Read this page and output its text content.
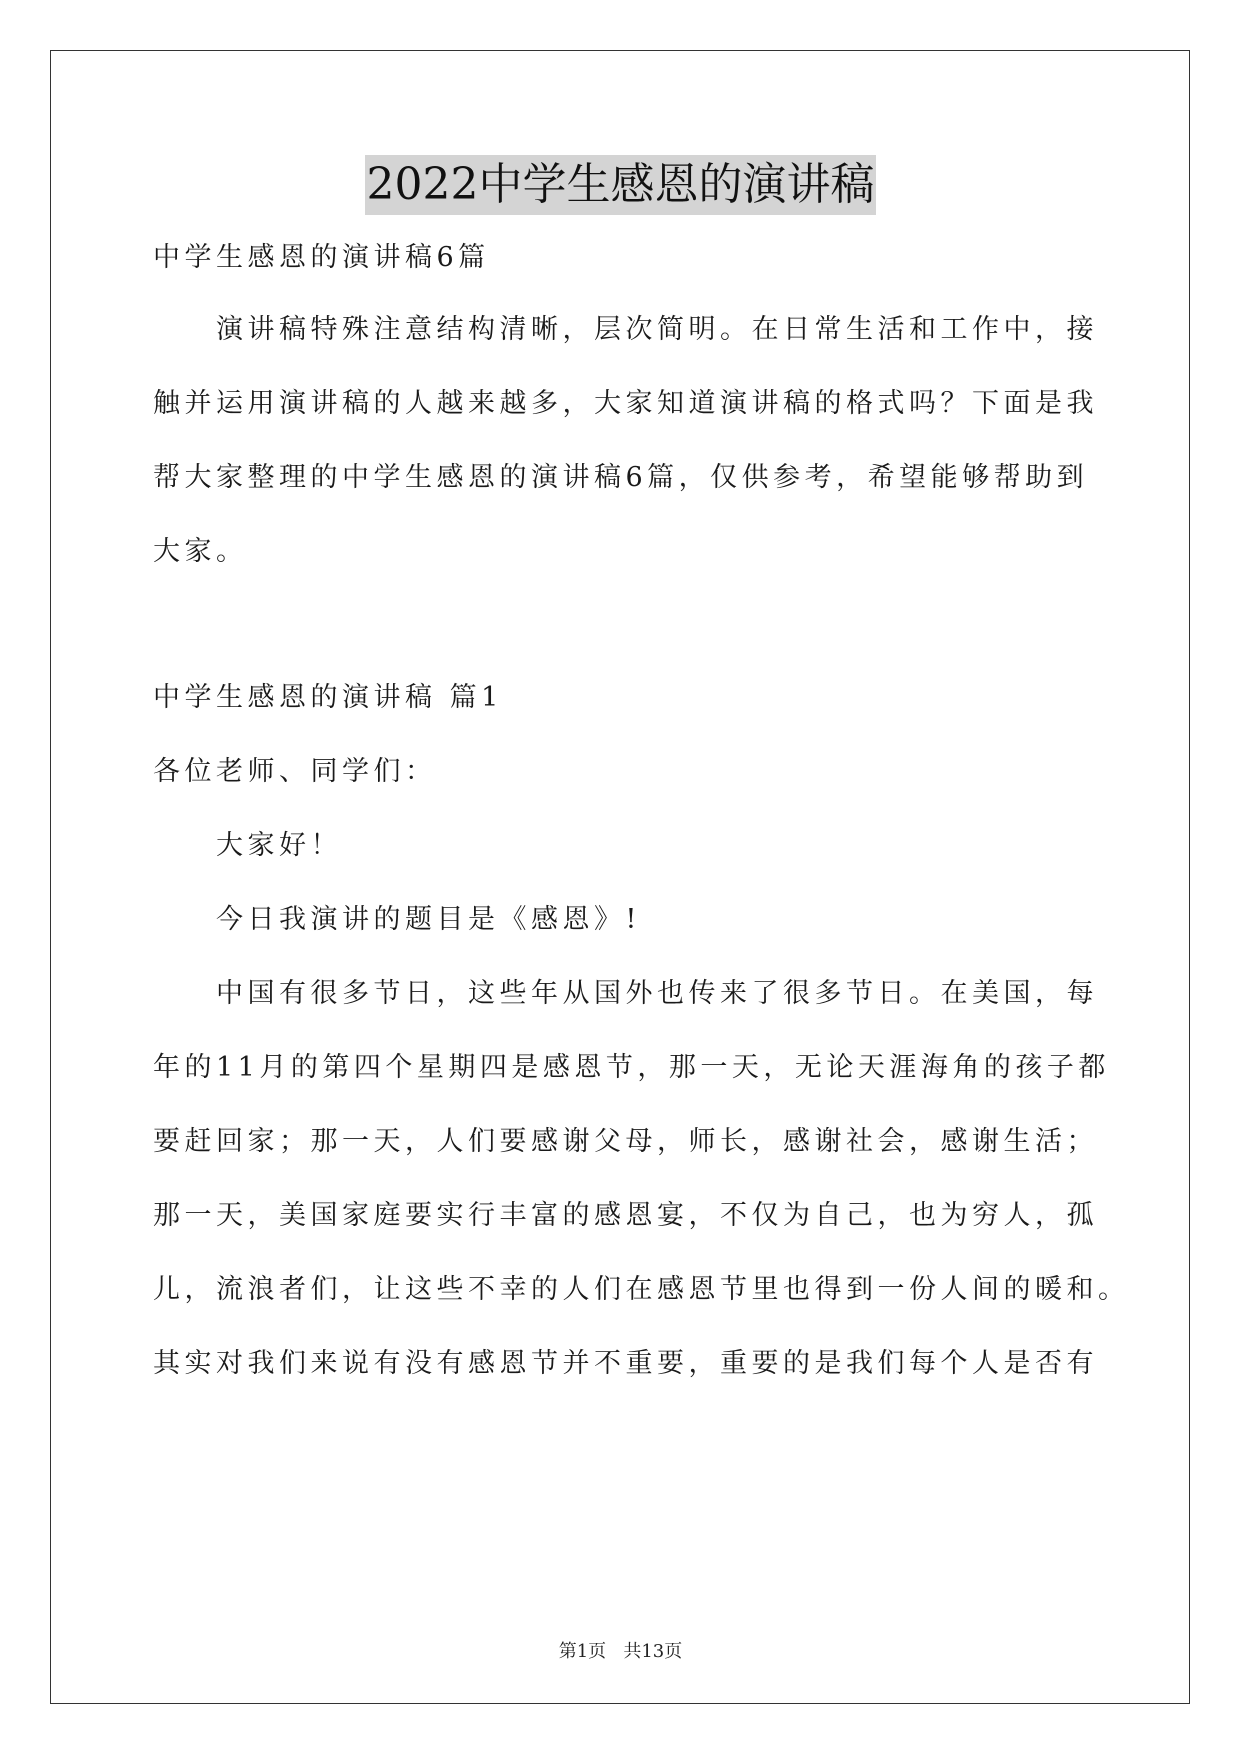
2022中学生感恩的演讲稿
中学生感恩的演讲稿6篇
演讲稿特殊注意结构清晰，层次简明。在日常生活和工作中，接
触并运用演讲稿的人越来越多，大家知道演讲稿的格式吗？下面是我
帮大家整理的中学生感恩的演讲稿6篇，仅供参考，希望能够帮助到
大家。
中学生感恩的演讲稿 篇1
各位老师、同学们：
大家好！
今日我演讲的题目是《感恩》!
中国有很多节日，这些年从国外也传来了很多节日。在美国，每
年的11月的第四个星期四是感恩节，那一天，无论天涯海角的孩子都
要赶回家；那一天，人们要感谢父母，师长，感谢社会，感谢生活；
那一天，美国家庭要实行丰富的感恩宴，不仅为自己，也为穷人，孤
儿，流浪者们，让这些不幸的人们在感恩节里也得到一份人间的暖和。
其实对我们来说有没有感恩节并不重要，重要的是我们每个人是否有
第1页   共13页
